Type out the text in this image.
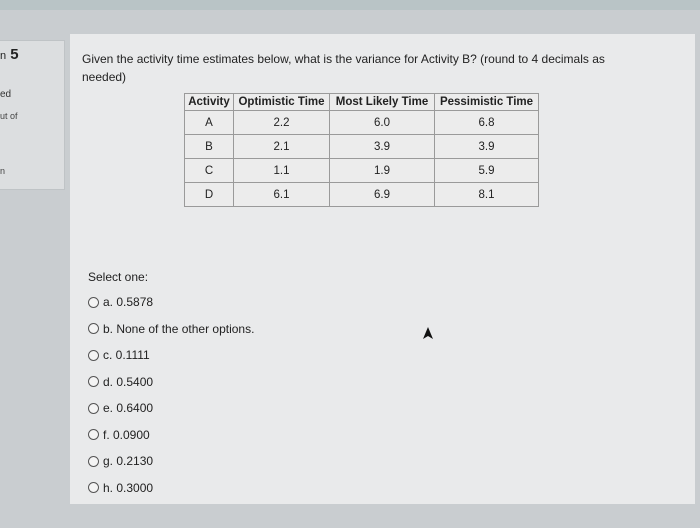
n 5
ed
ut of
n
Given the activity time estimates below, what is the variance for Activity B? (round to 4 decimals as needed)
Activity	Optimistic Time	Most Likely Time	Pessimistic Time
A	2.2	6.0	6.8
B	2.1	3.9	3.9
C	1.1	1.9	5.9
D	6.1	6.9	8.1
Select one:
a. 0.5878
b. None of the other options.
c. 0.1111
d. 0.5400
e. 0.6400
f. 0.0900
g. 0.2130
h. 0.3000
